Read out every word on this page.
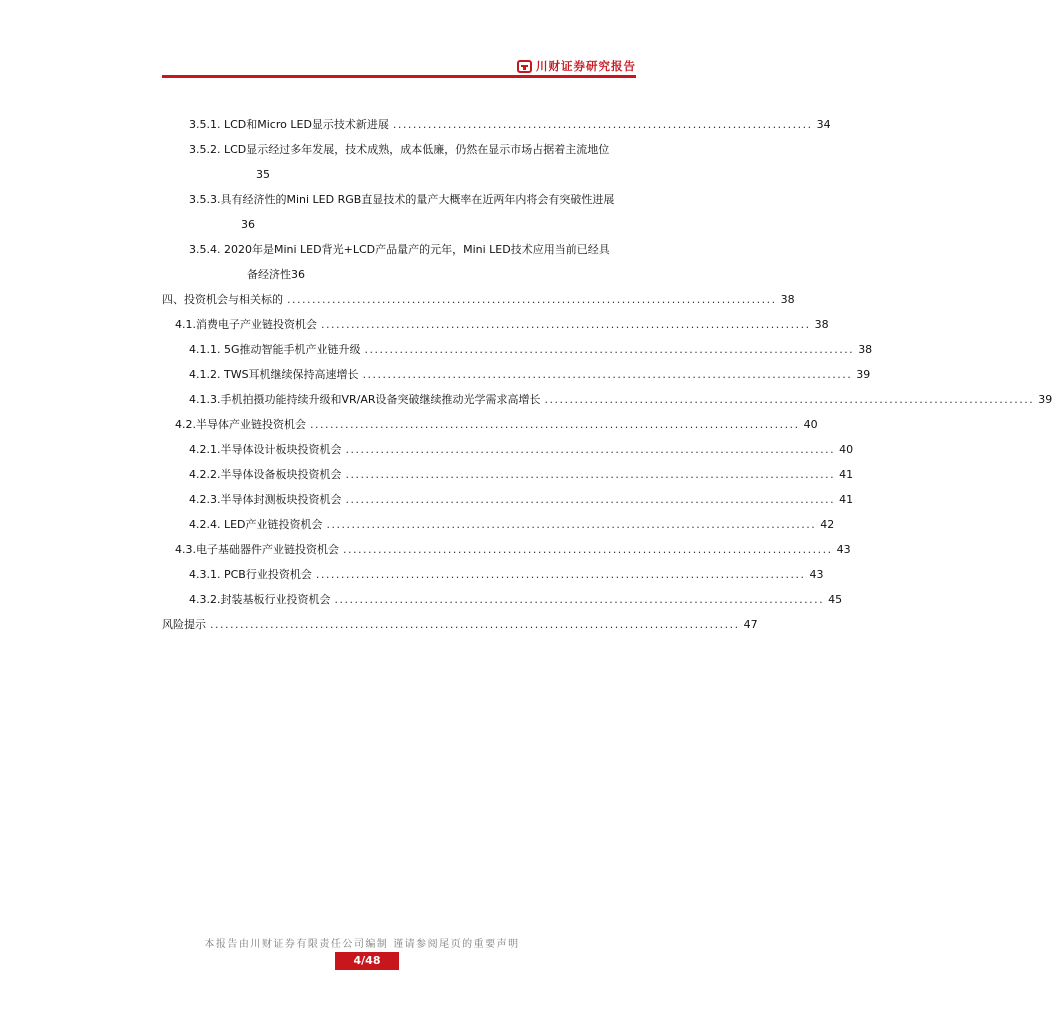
川财证券研究报告
3.5.1. LCD和Micro LED显示技术新进展 .................................................................................... 34
3.5.2. LCD显示经过多年发展，技术成熟，成本低廉，仍然在显示市场占据着主流地位
35
3.5.3.具有经济性的Mini LED RGB直显技术的量产大概率在近两年内将会有突破性进展
36
3.5.4. 2020年是Mini LED背光+LCD产品量产的元年，Mini LED技术应用当前已经具
备经济性36
四、投资机会与相关标的 .................................................................................................. 38
4.1.消费电子产业链投资机会 .................................................................................................. 38
4.1.1. 5G推动智能手机产业链升级 .................................................................................................. 38
4.1.2. TWS耳机继续保持高速增长 .................................................................................................. 39
4.1.3.手机拍摄功能持续升级和VR/AR设备突破继续推动光学需求高增长 .................................................................................................. 39
4.2.半导体产业链投资机会 .................................................................................................. 40
4.2.1.半导体设计板块投资机会 .................................................................................................. 40
4.2.2.半导体设备板块投资机会 .................................................................................................. 41
4.2.3.半导体封测板块投资机会 .................................................................................................. 41
4.2.4. LED产业链投资机会 .................................................................................................. 42
4.3.电子基础器件产业链投资机会 .................................................................................................. 43
4.3.1. PCB行业投资机会 .................................................................................................. 43
4.3.2.封装基板行业投资机会 .................................................................................................. 45
风险提示 .......................................................................................................... 47
本报告由川财证券有限责任公司编制 谨请参阅尾页的重要声明
4/48
